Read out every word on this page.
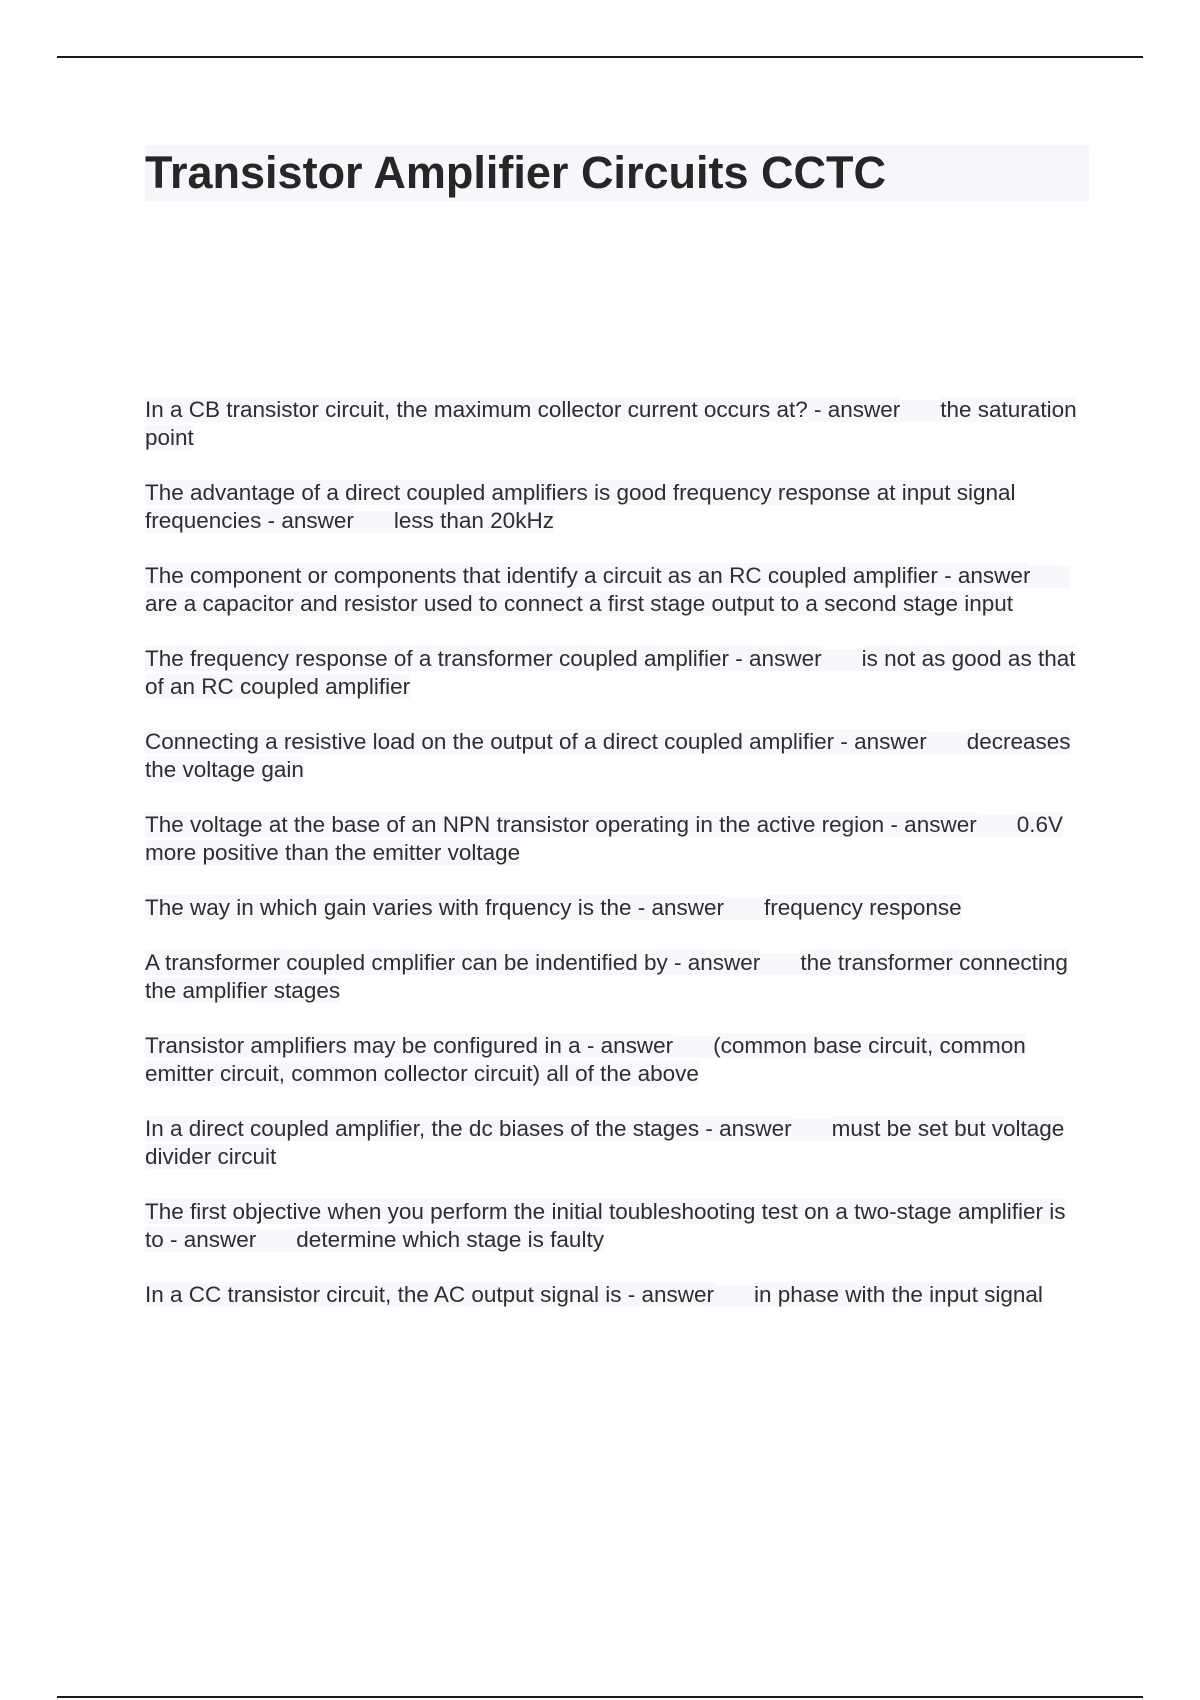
Transistor Amplifier Circuits CCTC

In a CB transistor circuit, the maximum collector current occurs at? - answer the saturation point

The advantage of a direct coupled amplifiers is good frequency response at input signal frequencies - answer less than 20kHz

The component or components that identify a circuit as an RC coupled amplifier - answerare a capacitor and resistor used to connect a first stage output to a second stage input

The frequency response of a transformer coupled amplifier - answer is not as good as that of an RC coupled amplifier

Connecting a resistive load on the output of a direct coupled amplifier - answer decreases the voltage gain

The voltage at the base of an NPN transistor operating in the active region - answer 0.6V more positive than the emitter voltage

The way in which gain varies with frquency is the - answer frequency response

A transformer coupled cmplifier can be indentified by - answer the transformer connecting the amplifier stages

Transistor amplifiers may be configured in a - answer (common base circuit, common emitter circuit, common collector circuit) all of the above

In a direct coupled amplifier, the dc biases of the stages - answer must be set but voltage divider circuit

The first objective when you perform the initial toubleshooting test on a two-stage amplifier is to - answer determine which stage is faulty

In a CC transistor circuit, the AC output signal is - answer in phase with the input signal
